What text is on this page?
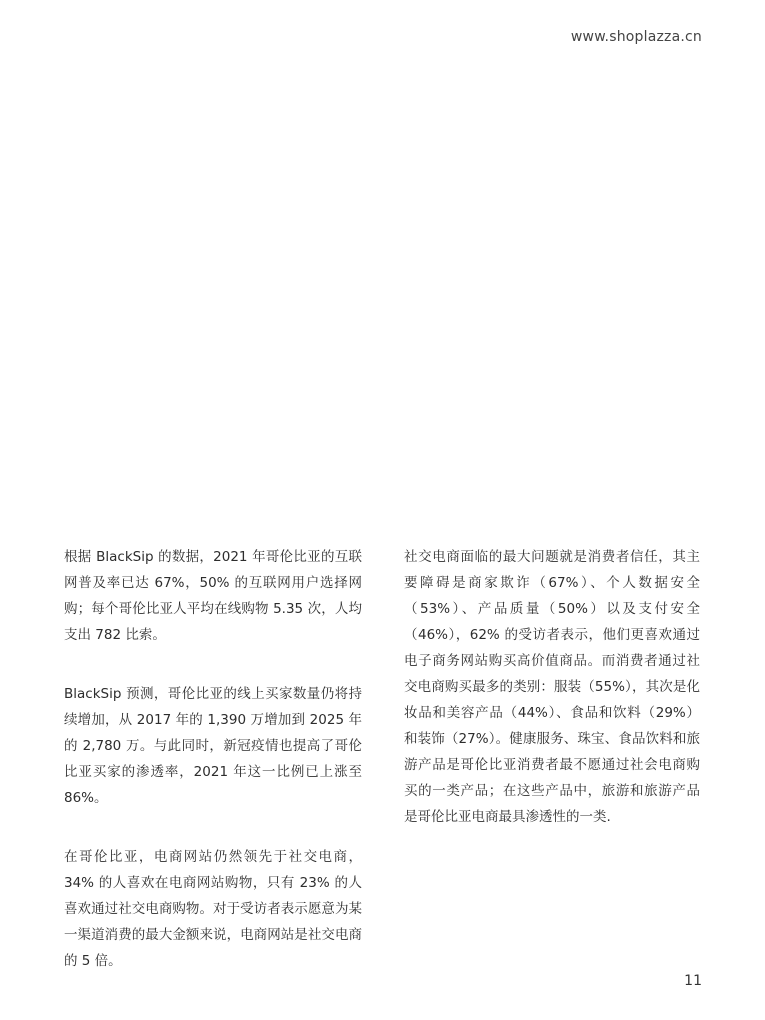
www.shoplazza.cn

根据 BlackSip 的数据，2021 年哥伦比亚的互联网普及率已达 67%，50% 的互联网用户选择网购；每个哥伦比亚人平均在线购物 5.35 次，人均支出 782 比索。

BlackSip 预测，哥伦比亚的线上买家数量仍将持续增加，从 2017 年的 1,390 万增加到 2025 年的 2,780 万。与此同时，新冠疫情也提高了哥伦比亚买家的渗透率，2021 年这一比例已上涨至 86%。

在哥伦比亚，电商网站仍然领先于社交电商，34% 的人喜欢在电商网站购物，只有 23% 的人喜欢通过社交电商购物。对于受访者表示愿意为某一渠道消费的最大金额来说，电商网站是社交电商的 5 倍。

社交电商面临的最大问题就是消费者信任，其主要障碍是商家欺诈（67%）、个人数据安全（53%）、产品质量（50%）以及支付安全（46%），62% 的受访者表示，他们更喜欢通过电子商务网站购买高价值商品。而消费者通过社交电商购买最多的类别：服装（55%），其次是化妆品和美容产品（44%）、食品和饮料（29%）和装饰（27%）。健康服务、珠宝、食品饮料和旅游产品是哥伦比亚消费者最不愿通过社会电商购买的一类产品；在这些产品中，旅游和旅游产品是哥伦比亚电商最具渗透性的一类.

11
